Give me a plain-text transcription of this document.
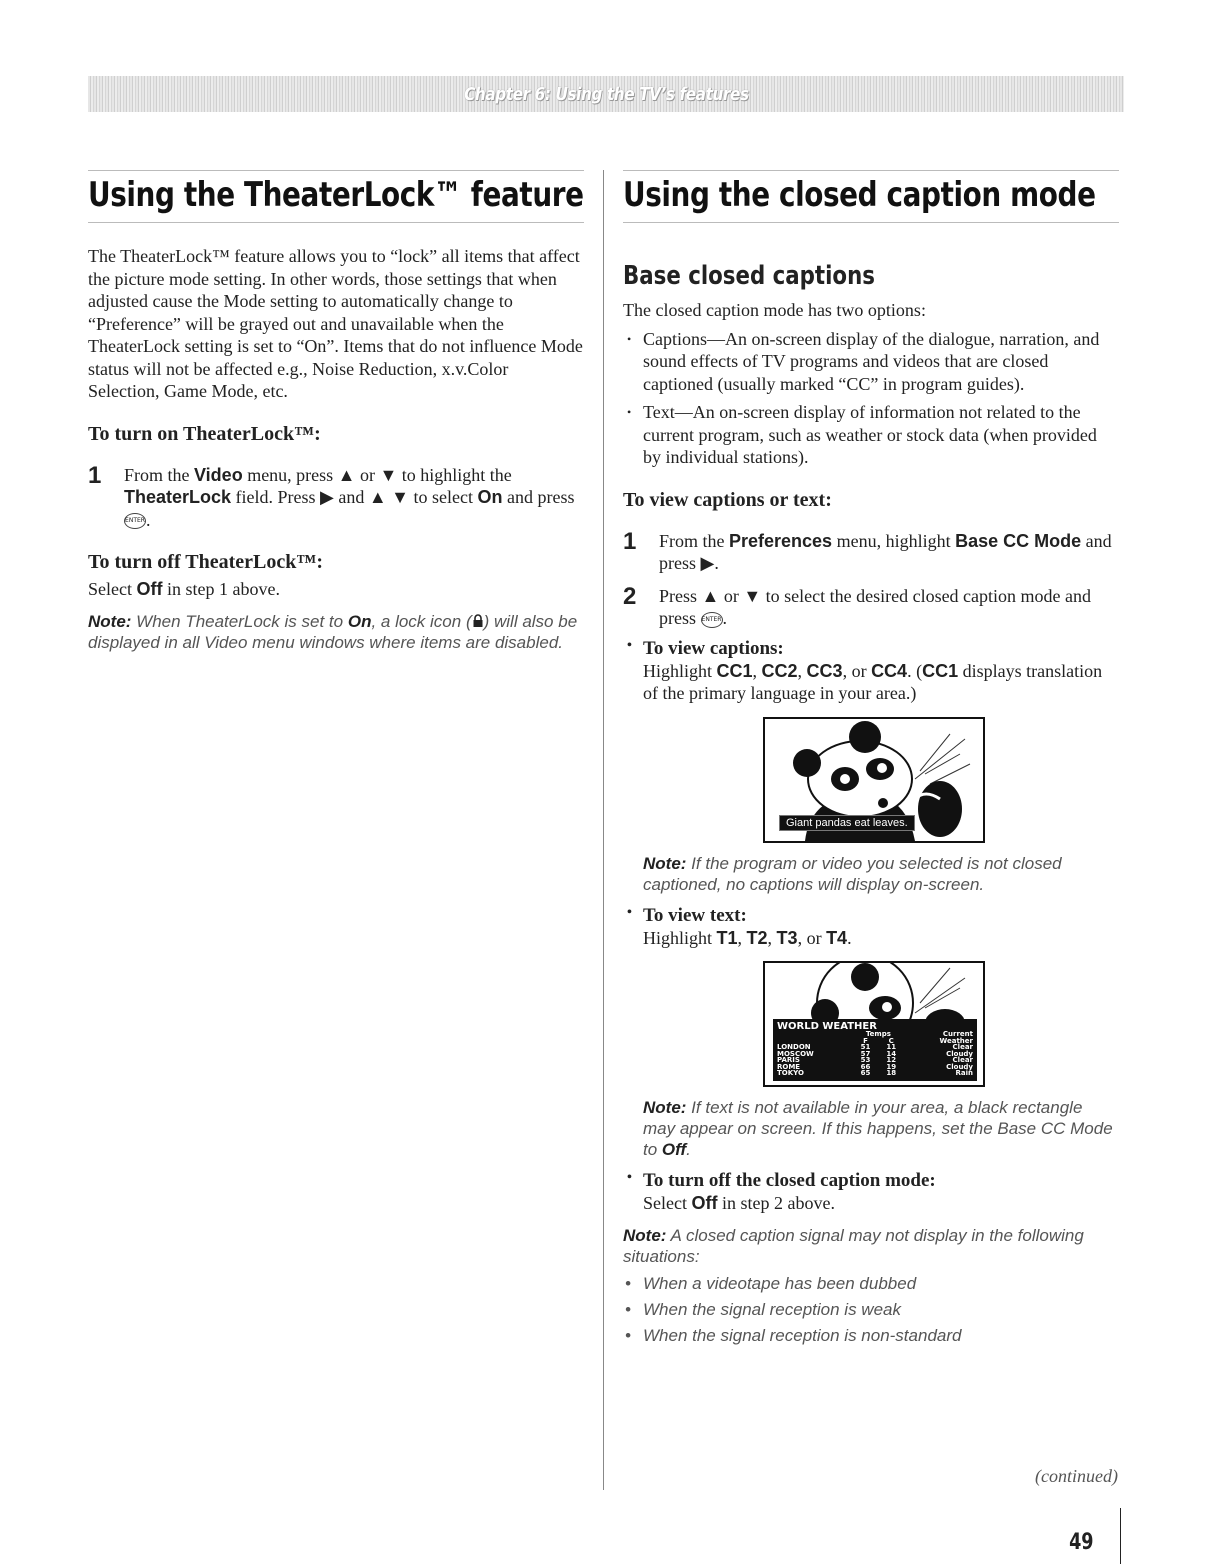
Chapter 6: Using the TV’s features
Using the TheaterLock™ feature

The TheaterLock™ feature allows you to “lock” all items that affect the picture mode setting. In other words, those settings that when adjusted cause the Mode setting to automatically change to “Preference” will be grayed out and unavailable when the TheaterLock setting is set to “On”. Items that do not influence Mode status will not be affected e.g., Noise Reduction, x.v.Color Selection, Game Mode, etc.

To turn on TheaterLock™:
1	From the Video menu, press ▲ or ▼ to highlight the TheaterLock field. Press ▶ and ▲ ▼ to select On and press ENTER.
To turn off TheaterLock™:

Select Off in step 1 above.

Note: When TheaterLock is set to On, a lock icon ( ) will also be displayed in all Video menu windows where items are disabled.
Using the closed caption mode
Base closed captions

The closed caption mode has two options:

• Captions—An on-screen display of the dialogue, narration, and sound effects of TV programs and videos that are closed captioned (usually marked “CC” in program guides).
• Text—An on-screen display of information not related to the current program, such as weather or stock data (when provided by individual stations).
To view captions or text:
1	From the Preferences menu, highlight Base CC Mode and press ▶.
2	Press ▲ or ▼ to select the desired closed caption mode and press ENTER.
• To view captions:

Highlight CC1, CC2, CC3, or CC4. (CC1 displays translation of the primary language in your area.)

Giant pandas eat leaves.
Note: If the program or video you selected is not closed captioned, no captions will display on-screen.
• To view text:

Highlight T1, T2, T3, or T4.

WORLD WEATHER
	Temps		Current
	F	C	Weather
LONDON	51	11	Clear
MOSCOW	57	14	Cloudy
PARIS	53	12	Clear
ROME	66	19	Cloudy
TOKYO	65	18	Rain
Note: If text is not available in your area, a black rectangle may appear on screen. If this happens, set the Base CC Mode to Off.
• To turn off the closed caption mode:

Select Off in step 2 above.

Note: A closed caption signal may not display in the following situations:
• When a videotape has been dubbed
• When the signal reception is weak
• When the signal reception is non-standard
(continued)
49
